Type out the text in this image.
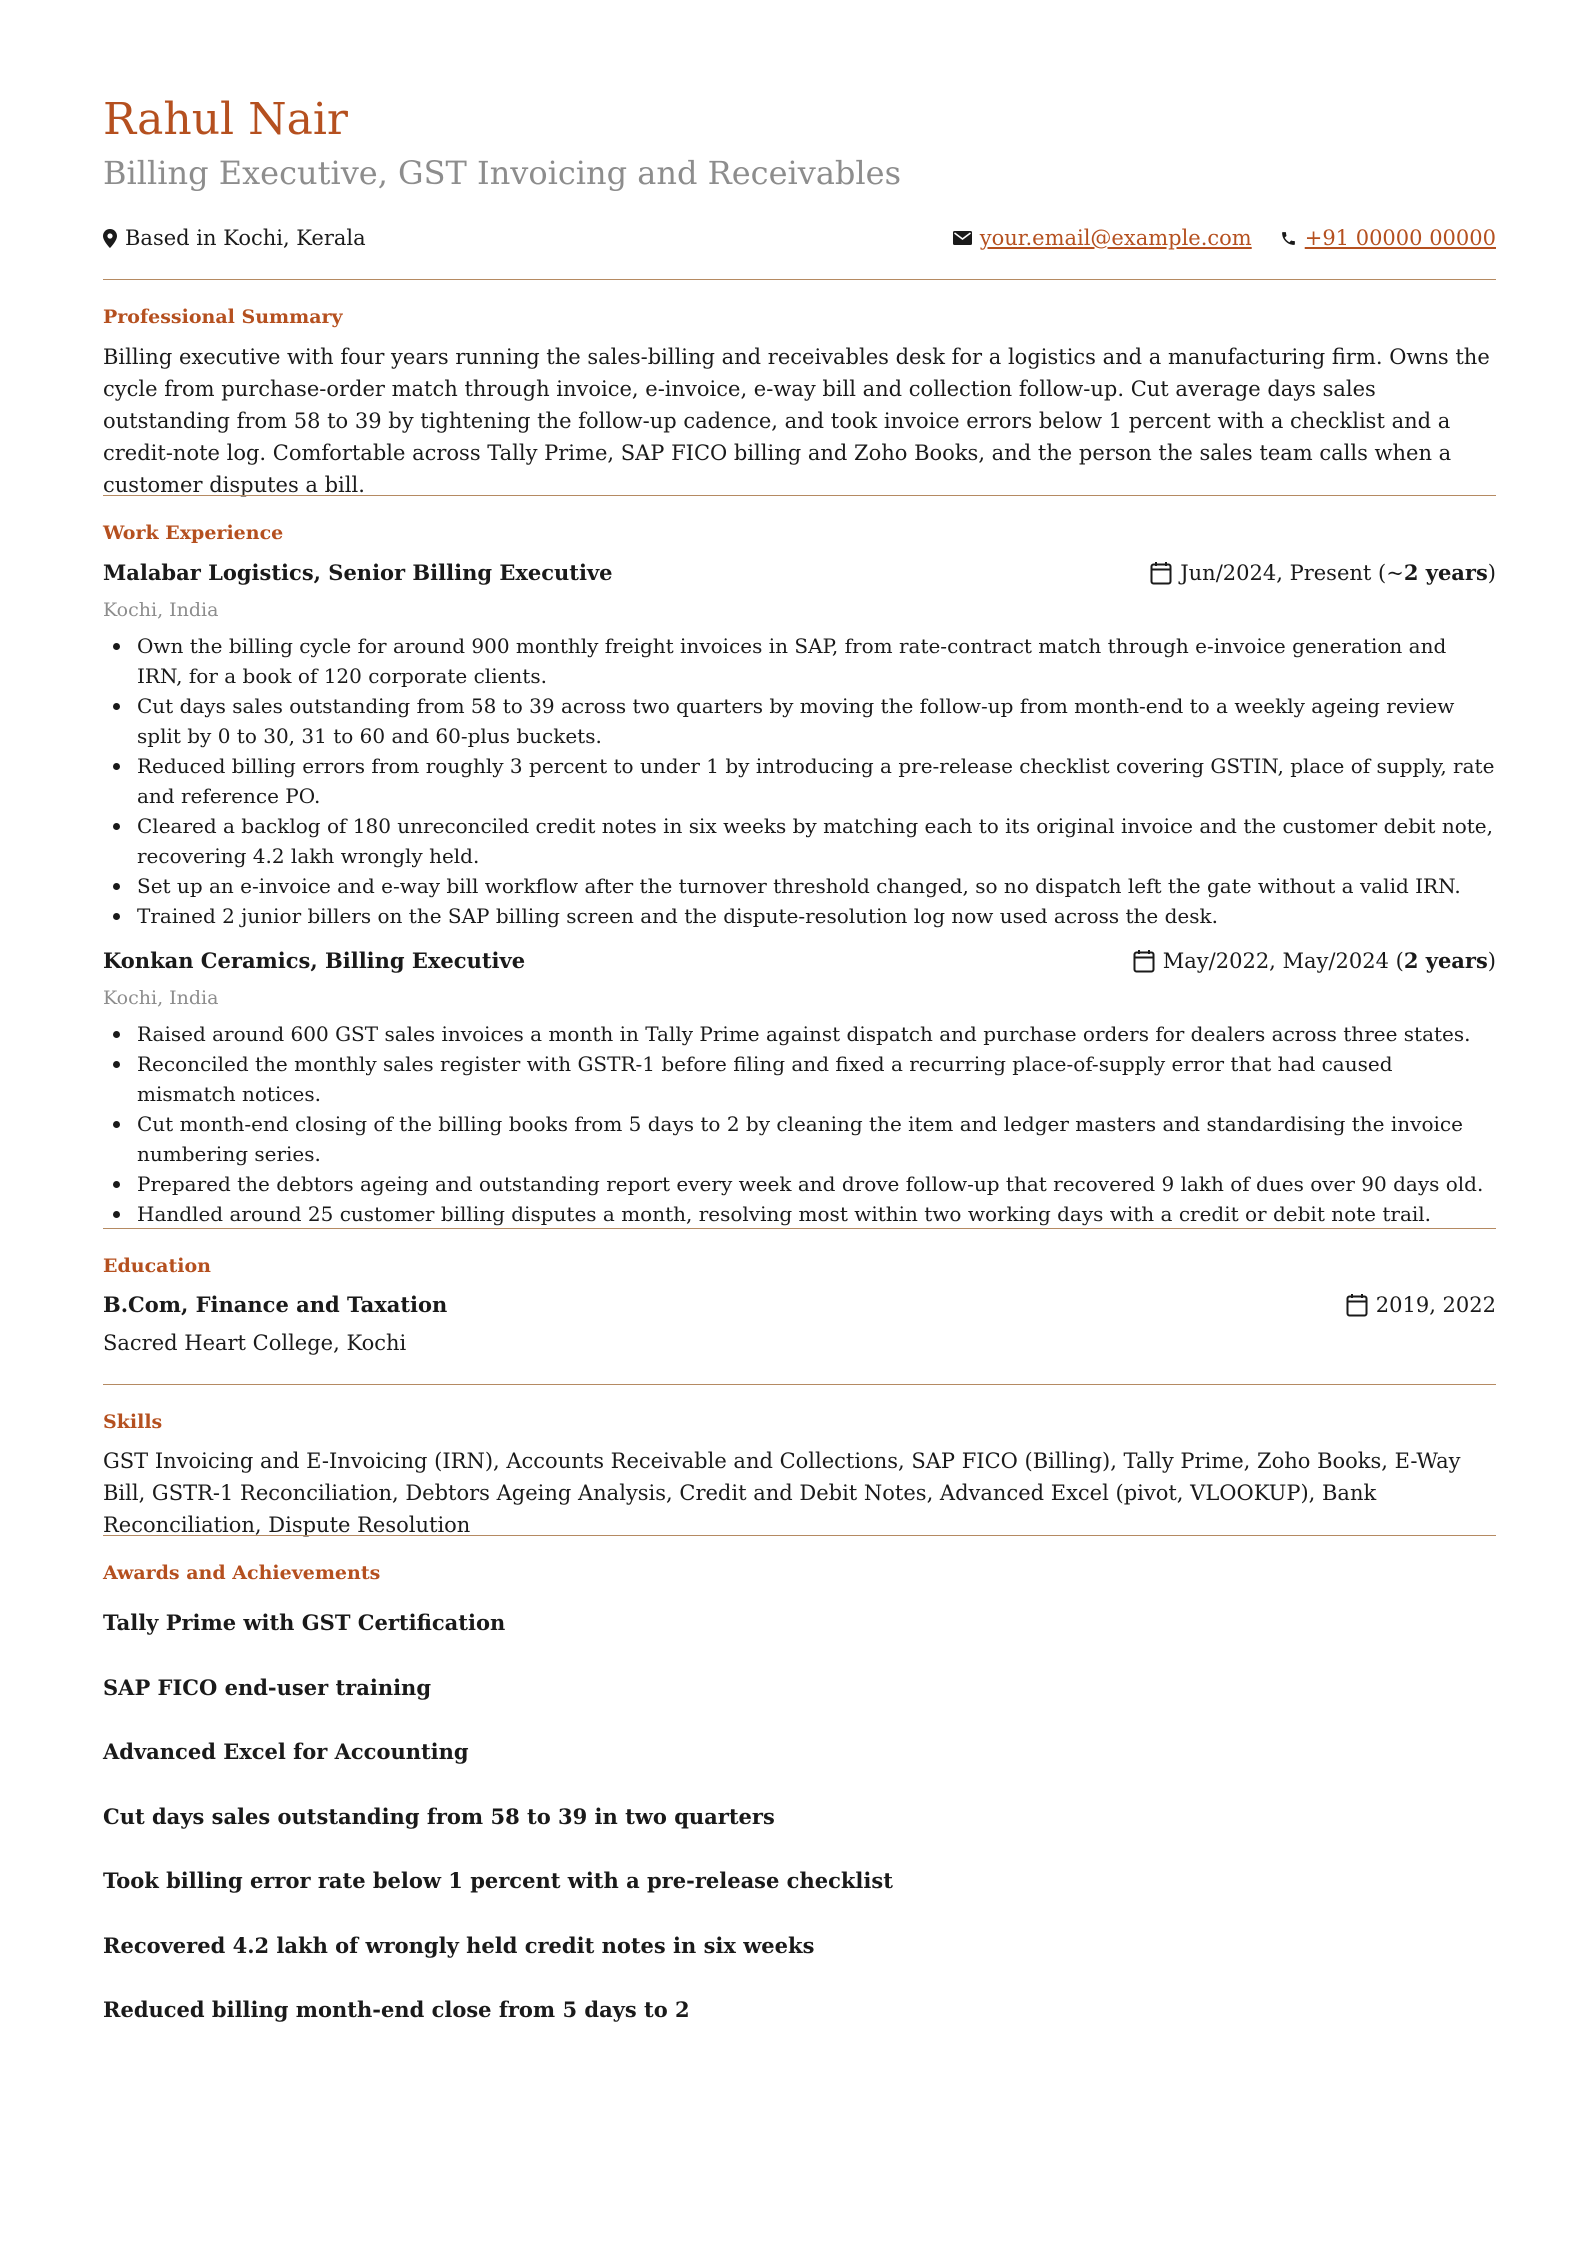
Rahul Nair
Billing Executive, GST Invoicing and Receivables
Based in Kochi, Kerala	your.email@example.com	+91 00000 00000
Professional Summary
Billing executive with four years running the sales-billing and receivables desk for a logistics and a manufacturing firm. Owns the cycle from purchase-order match through invoice, e-invoice, e-way bill and collection follow-up. Cut average days sales outstanding from 58 to 39 by tightening the follow-up cadence, and took invoice errors below 1 percent with a checklist and a credit-note log. Comfortable across Tally Prime, SAP FICO billing and Zoho Books, and the person the sales team calls when a customer disputes a bill.
Work Experience
Malabar Logistics, Senior Billing Executive	Jun/2024, Present (~ 2 years )
Kochi, India
Own the billing cycle for around 900 monthly freight invoices in SAP, from rate-contract match through e-invoice generation and IRN, for a book of 120 corporate clients.
Cut days sales outstanding from 58 to 39 across two quarters by moving the follow-up from month-end to a weekly ageing review split by 0 to 30, 31 to 60 and 60-plus buckets.
Reduced billing errors from roughly 3 percent to under 1 by introducing a pre-release checklist covering GSTIN, place of supply, rate and reference PO.
Cleared a backlog of 180 unreconciled credit notes in six weeks by matching each to its original invoice and the customer debit note, recovering 4.2 lakh wrongly held.
Set up an e-invoice and e-way bill workflow after the turnover threshold changed, so no dispatch left the gate without a valid IRN.
Trained 2 junior billers on the SAP billing screen and the dispute-resolution log now used across the desk.
Konkan Ceramics, Billing Executive	May/2022, May/2024 ( 2 years )
Kochi, India
Raised around 600 GST sales invoices a month in Tally Prime against dispatch and purchase orders for dealers across three states.
Reconciled the monthly sales register with GSTR-1 before filing and fixed a recurring place-of-supply error that had caused mismatch notices.
Cut month-end closing of the billing books from 5 days to 2 by cleaning the item and ledger masters and standardising the invoice numbering series.
Prepared the debtors ageing and outstanding report every week and drove follow-up that recovered 9 lakh of dues over 90 days old.
Handled around 25 customer billing disputes a month, resolving most within two working days with a credit or debit note trail.
Education
B.Com, Finance and Taxation	2019, 2022
Sacred Heart College, Kochi
Skills
GST Invoicing and E-Invoicing (IRN), Accounts Receivable and Collections, SAP FICO (Billing), Tally Prime, Zoho Books, E-Way Bill, GSTR-1 Reconciliation, Debtors Ageing Analysis, Credit and Debit Notes, Advanced Excel (pivot, VLOOKUP), Bank Reconciliation, Dispute Resolution
Awards and Achievements
Tally Prime with GST Certification
SAP FICO end-user training
Advanced Excel for Accounting
Cut days sales outstanding from 58 to 39 in two quarters
Took billing error rate below 1 percent with a pre-release checklist
Recovered 4.2 lakh of wrongly held credit notes in six weeks
Reduced billing month-end close from 5 days to 2
